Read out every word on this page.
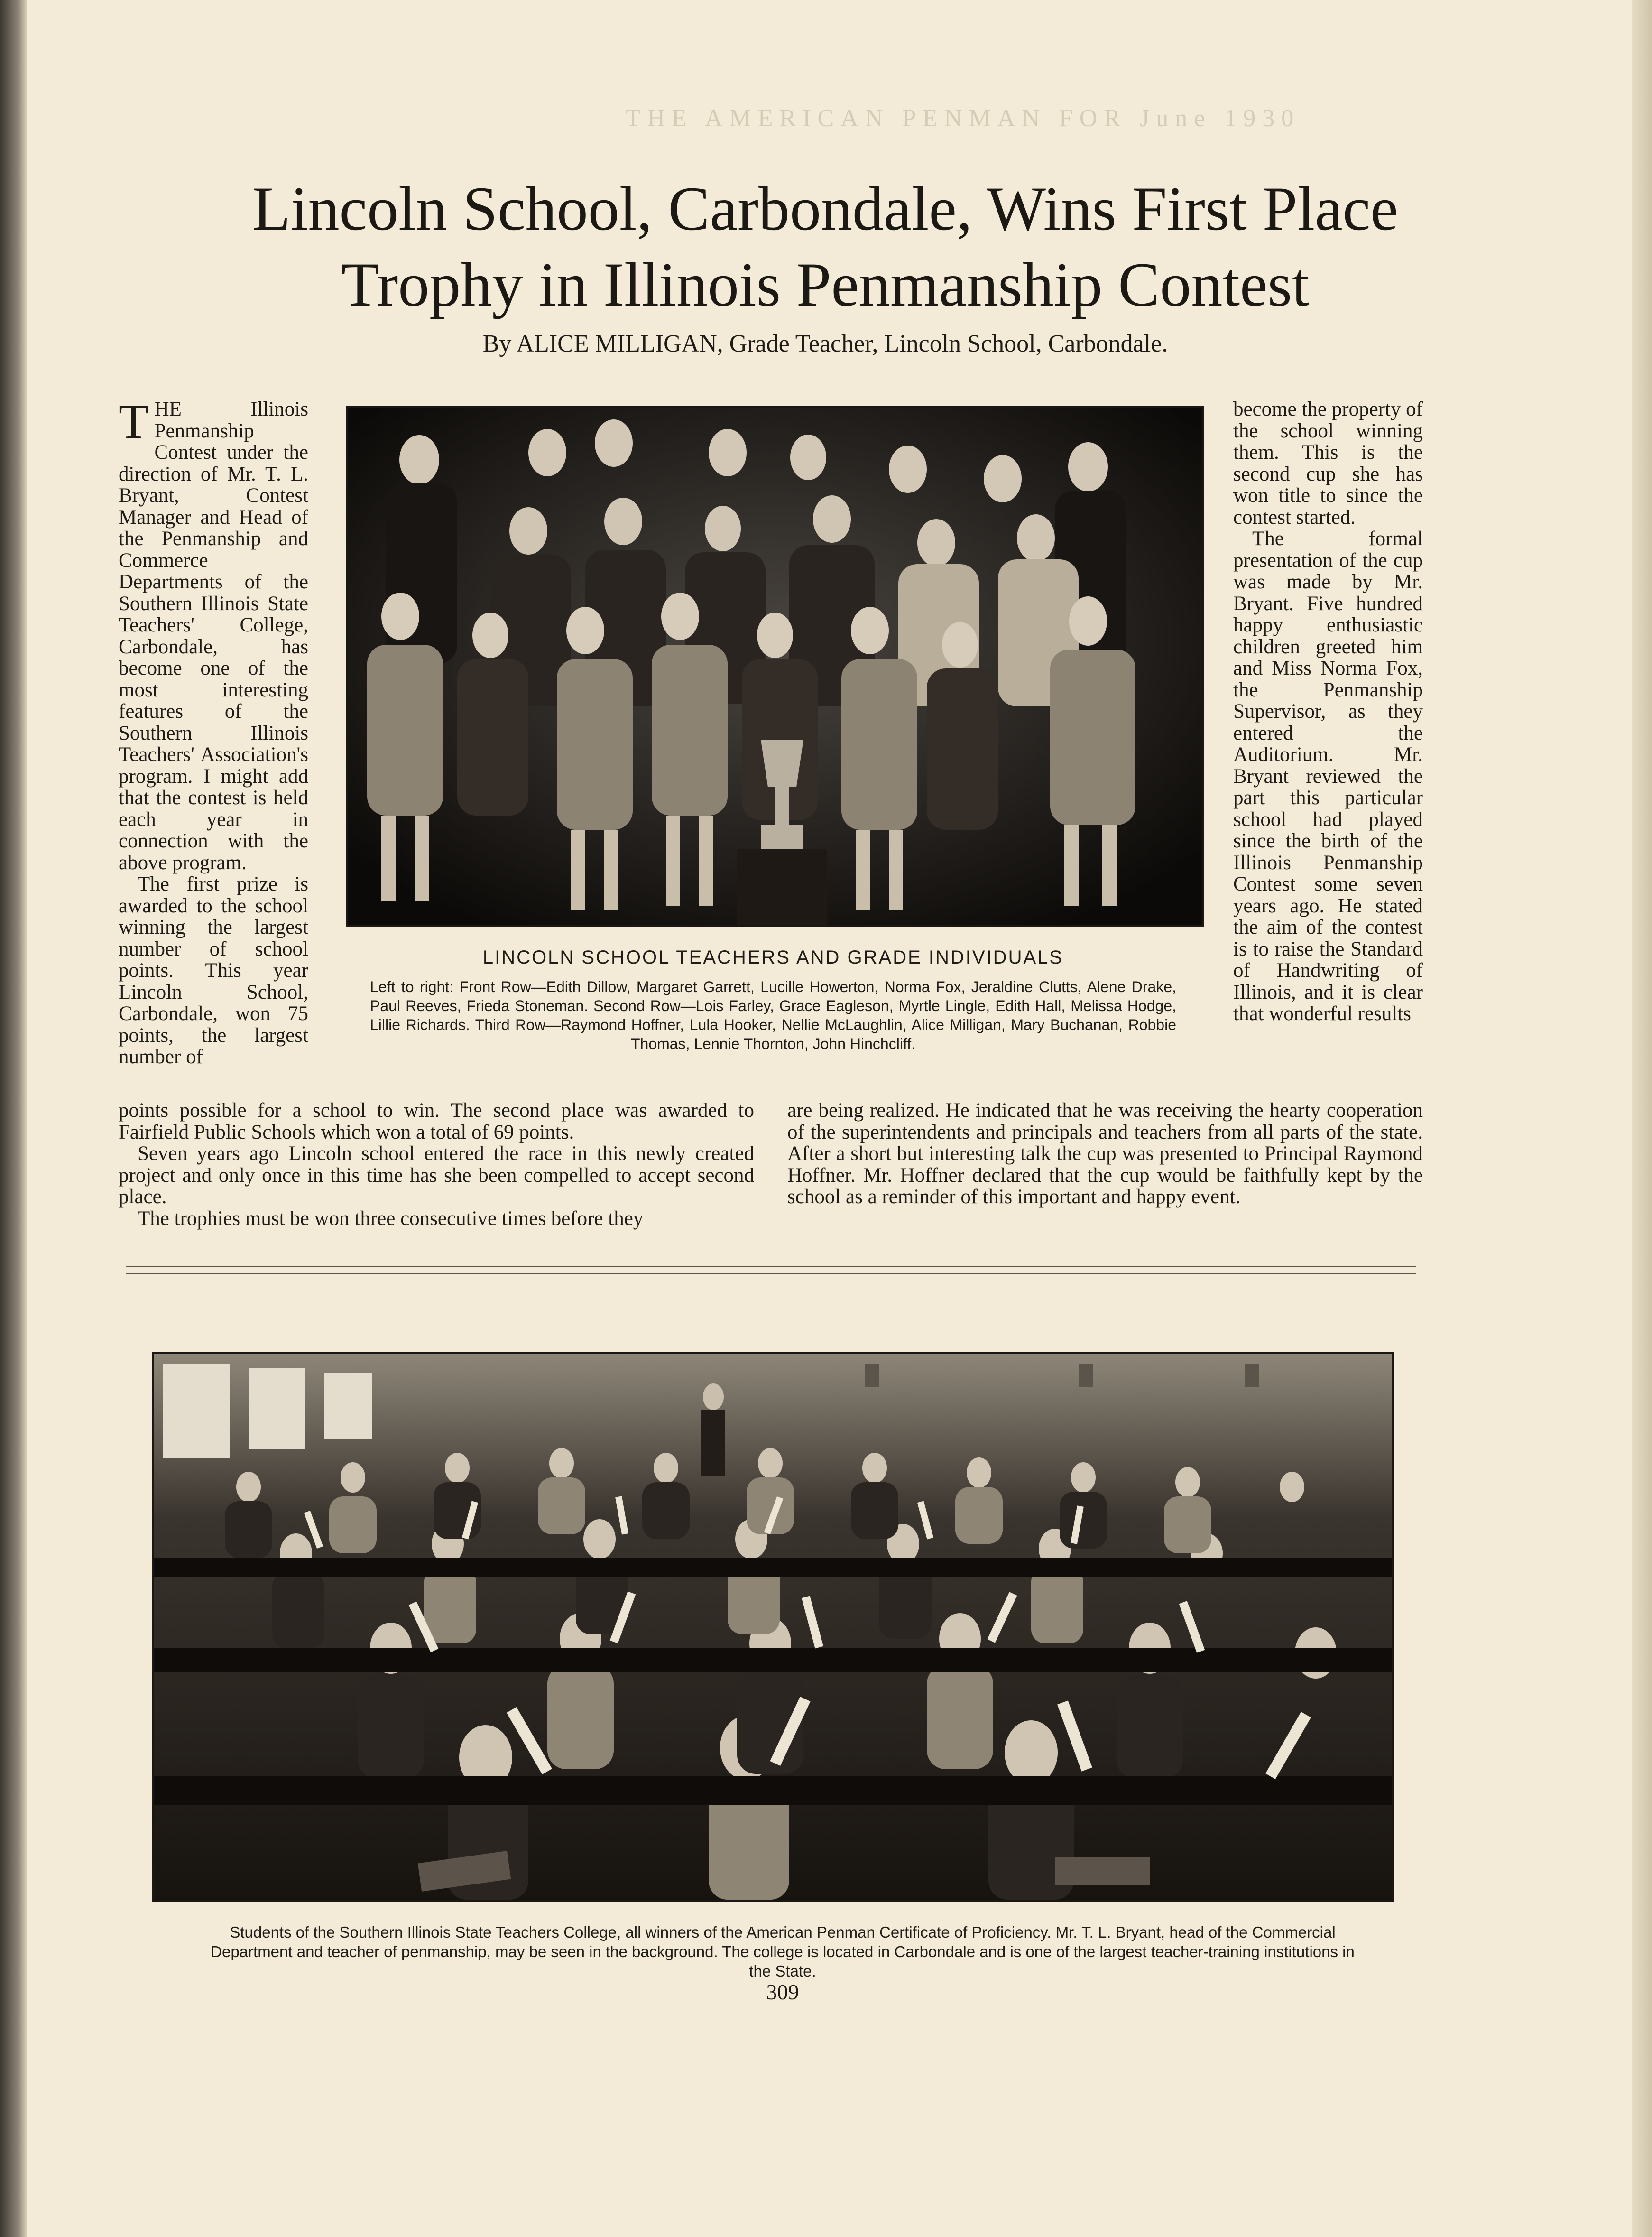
THE AMERICAN PENMAN FOR June 1930
Lincoln School, Carbondale, Wins First Place
Trophy in Illinois Penmanship Contest
By ALICE MILLIGAN, Grade Teacher, Lincoln School, Carbondale.

THE Illinois Penmanship Contest under the direction of Mr. T. L. Bryant, Contest Manager and Head of the Penmanship and Commerce Departments of the Southern Illinois State Teachers' College, Carbondale, has become one of the most interesting features of the Southern Illinois Teachers' Association's program. I might add that the contest is held each year in connection with the above program.

The first prize is awarded to the school winning the largest number of school points. This year Lincoln School, Carbondale, won 75 points, the largest number of

LINCOLN SCHOOL TEACHERS AND GRADE INDIVIDUALS
Left to right: Front Row—Edith Dillow, Margaret Garrett, Lucille Howerton, Norma Fox, Jeraldine Clutts, Alene Drake, Paul Reeves, Frieda Stoneman. Second Row—Lois Farley, Grace Eagleson, Myrtle Lingle, Edith Hall, Melissa Hodge, Lillie Richards. Third Row—Raymond Hoffner, Lula Hooker, Nellie McLaughlin, Alice Milligan, Mary Buchanan, Robbie Thomas, Lennie Thornton, John Hinchcliff.

become the property of the school winning them. This is the second cup she has won title to since the contest started.

The formal presentation of the cup was made by Mr. Bryant. Five hundred happy enthusiastic children greeted him and Miss Norma Fox, the Penmanship Supervisor, as they entered the Auditorium. Mr. Bryant reviewed the part this particular school had played since the birth of the Illinois Penmanship Contest some seven years ago. He stated the aim of the contest is to raise the Standard of Handwriting of Illinois, and it is clear that wonderful results

points possible for a school to win. The second place was awarded to Fairfield Public Schools which won a total of 69 points.

Seven years ago Lincoln school entered the race in this newly created project and only once in this time has she been compelled to accept second place.

The trophies must be won three consecutive times before they

are being realized. He indicated that he was receiving the hearty cooperation of the superintendents and principals and teachers from all parts of the state. After a short but interesting talk the cup was presented to Principal Raymond Hoffner. Mr. Hoffner declared that the cup would be faithfully kept by the school as a reminder of this important and happy event.

Students of the Southern Illinois State Teachers College, all winners of the American Penman Certificate of Proficiency. Mr. T. L. Bryant, head of the Commercial Department and teacher of penmanship, may be seen in the background. The college is located in Carbondale and is one of the largest teacher-training institutions in the State.
309
